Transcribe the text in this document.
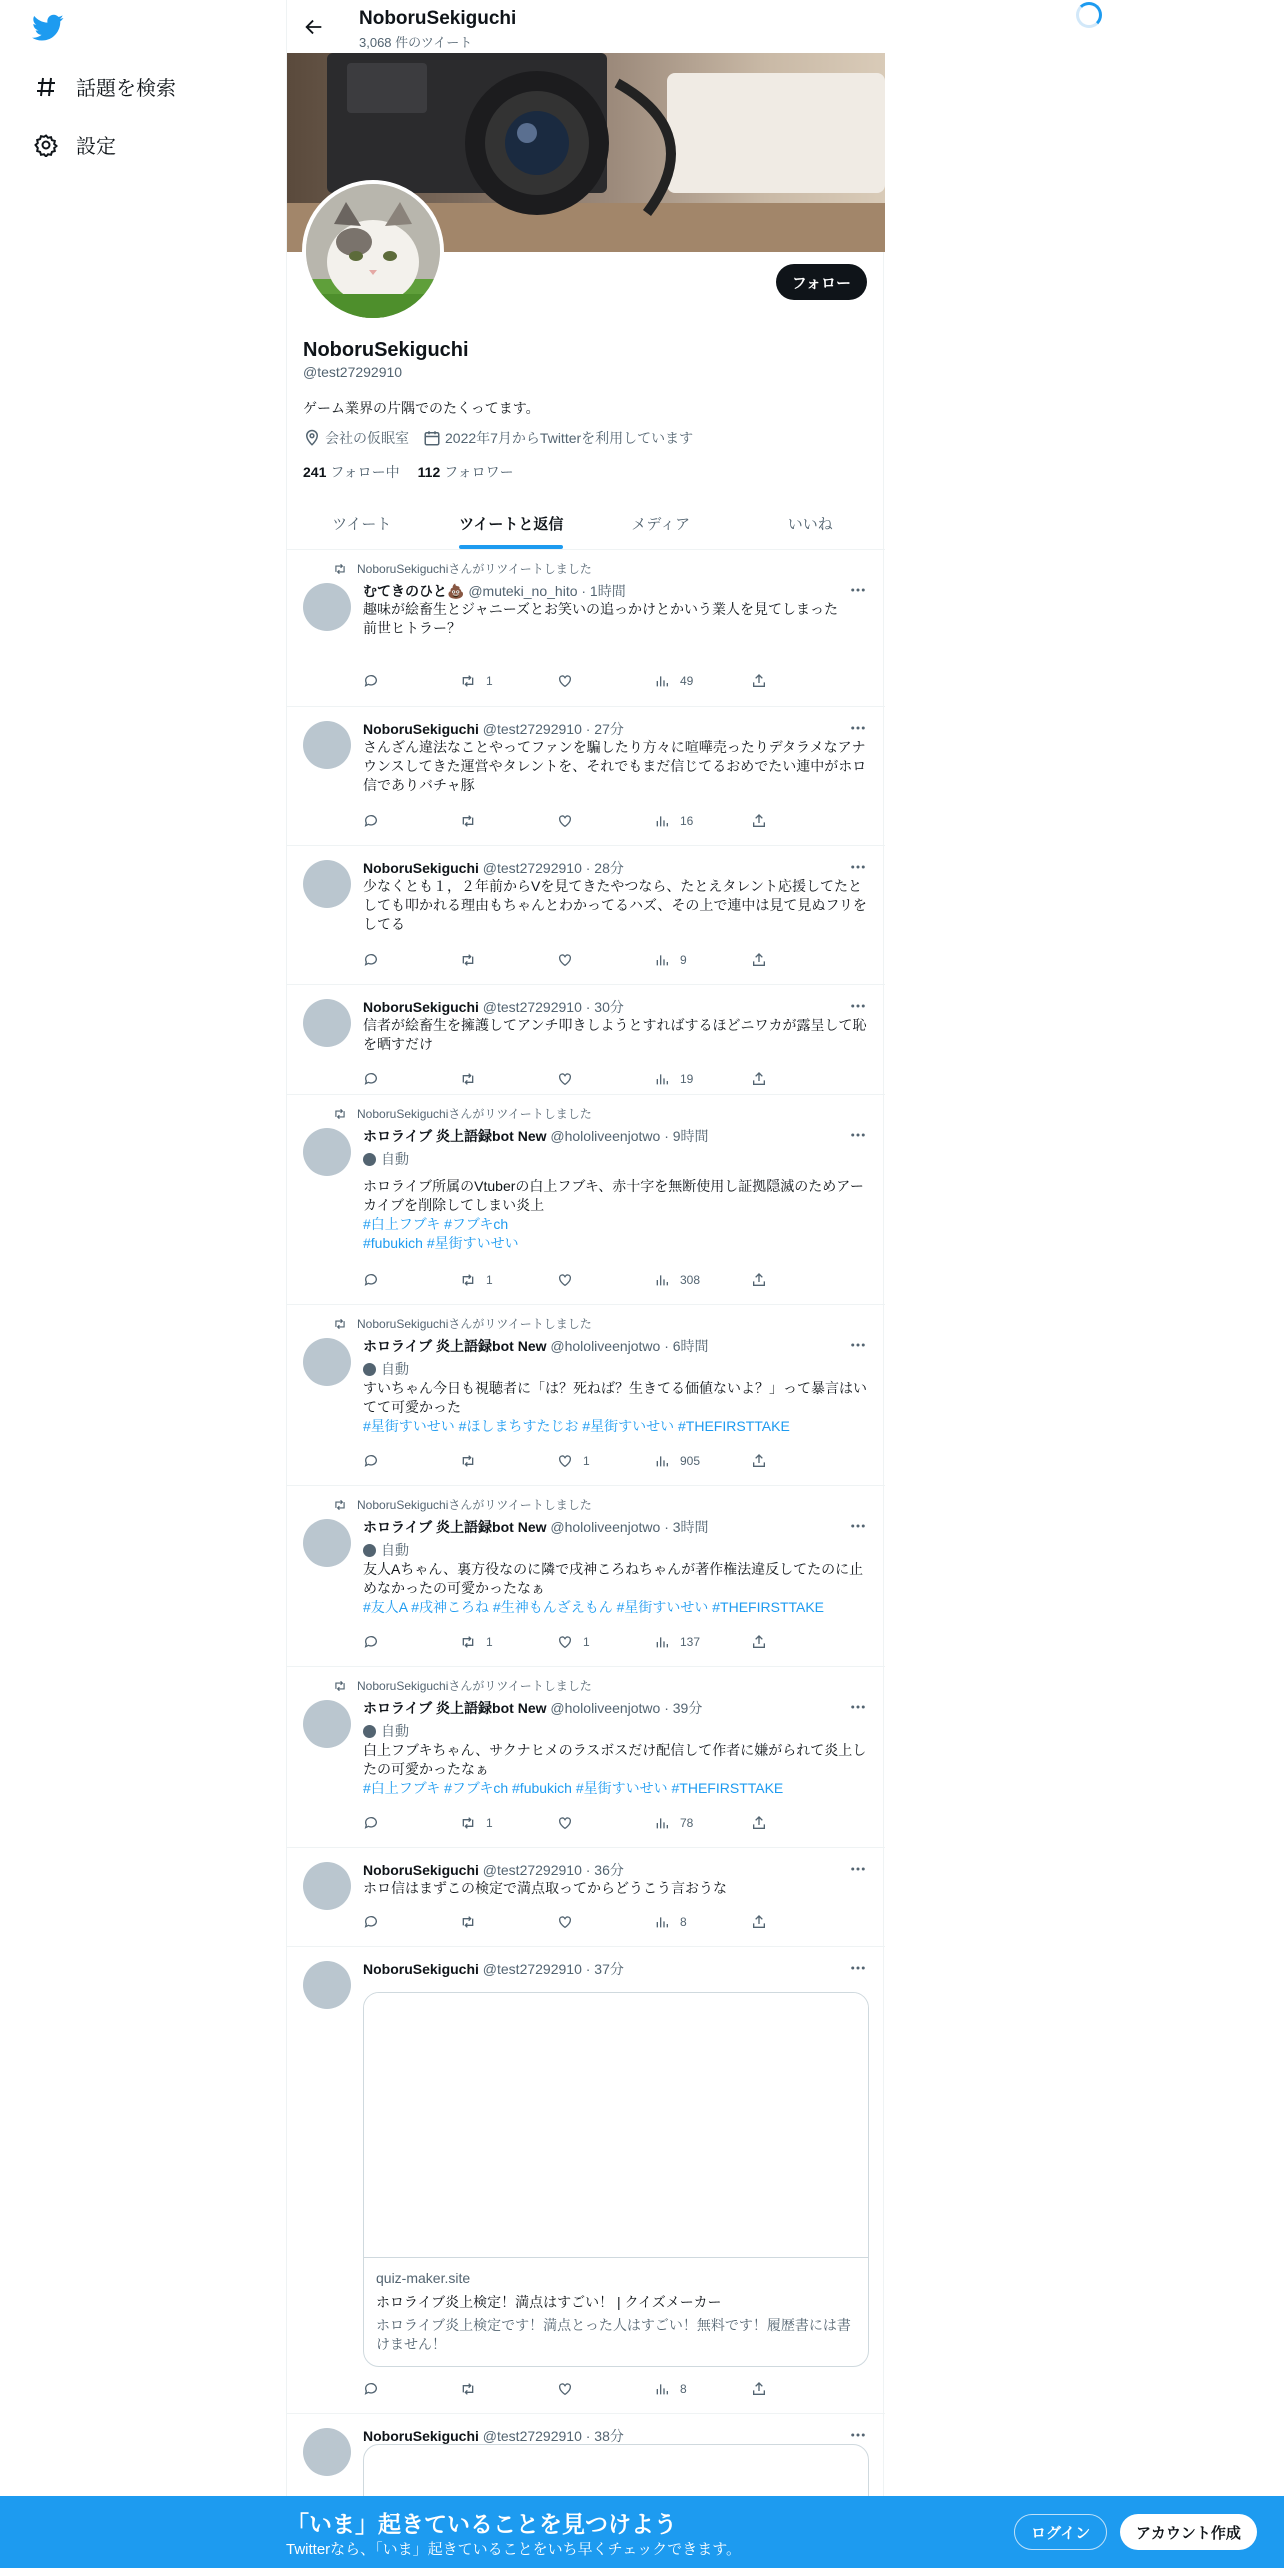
話題を検索
設定
NoboruSekiguchi
3,068 件のツイート
フォロー
NoboruSekiguchi
@test27292910
ゲーム業界の片隅でのたくってます。
会社の仮眠室	2022年7月からTwitterを利用しています
241 フォロー中 112 フォロワー
ツイート	ツイートと返信	メディア	いいね
NoboruSekiguchiさんがリツイートしました
むてきのひと💩 @muteki_no_hito · 1時間
趣味が絵畜生とジャニーズとお笑いの追っかけとかいう業人を見てしまった
前世ヒトラー？
1	49
NoboruSekiguchi @test27292910 · 27分
さんざん違法なことやってファンを騙したり方々に喧嘩売ったりデタラメなアナウンスしてきた運営やタレントを、それでもまだ信じてるおめでたい連中がホロ信でありバチャ豚
16
NoboruSekiguchi @test27292910 · 28分
少なくとも１，２年前からVを見てきたやつなら、たとえタレント応援してたとしても叩かれる理由もちゃんとわかってるハズ、その上で連中は見て見ぬフリをしてる
9
NoboruSekiguchi @test27292910 · 30分
信者が絵畜生を擁護してアンチ叩きしようとすればするほどニワカが露呈して恥を晒すだけ
19
NoboruSekiguchiさんがリツイートしました
ホロライブ 炎上語録bot New @hololiveenjotwo · 9時間
自動
ホロライブ所属のVtuberの白上フブキ、赤十字を無断使用し証拠隠滅のためアーカイブを削除してしまい炎上
#白上フブキ #フブキch
#fubukich #星街すいせい
1	308
NoboruSekiguchiさんがリツイートしました
ホロライブ 炎上語録bot New @hololiveenjotwo · 6時間
自動
すいちゃん今日も視聴者に「は？死ねば？生きてる価値ないよ？」って暴言はいてて可愛かった
#星街すいせい #ほしまちすたじお #星街すいせい #THEFIRSTTAKE
1	905
NoboruSekiguchiさんがリツイートしました
ホロライブ 炎上語録bot New @hololiveenjotwo · 3時間
自動
友人Aちゃん、裏方役なのに隣で戌神ころねちゃんが著作権法違反してたのに止めなかったの可愛かったなぁ
#友人A #戌神ころね #生神もんざえもん #星街すいせい #THEFIRSTTAKE
1	1	137
NoboruSekiguchiさんがリツイートしました
ホロライブ 炎上語録bot New @hololiveenjotwo · 39分
自動
白上フブキちゃん、サクナヒメのラスボスだけ配信して作者に嫌がられて炎上したの可愛かったなぁ
#白上フブキ #フブキch #fubukich #星街すいせい #THEFIRSTTAKE
1	78
NoboruSekiguchi @test27292910 · 36分
ホロ信はまずこの検定で満点取ってからどうこう言おうな
8
NoboruSekiguchi @test27292910 · 37分
quiz-maker.site
ホロライブ炎上検定！満点はすごい！ | クイズメーカー
ホロライブ炎上検定です！満点とった人はすごい！無料です！履歴書には書けません！
8
NoboruSekiguchi @test27292910 · 38分
「いま」起きていることを見つけよう
Twitterなら、「いま」起きていることをいち早くチェックできます。
ログイン	アカウント作成
